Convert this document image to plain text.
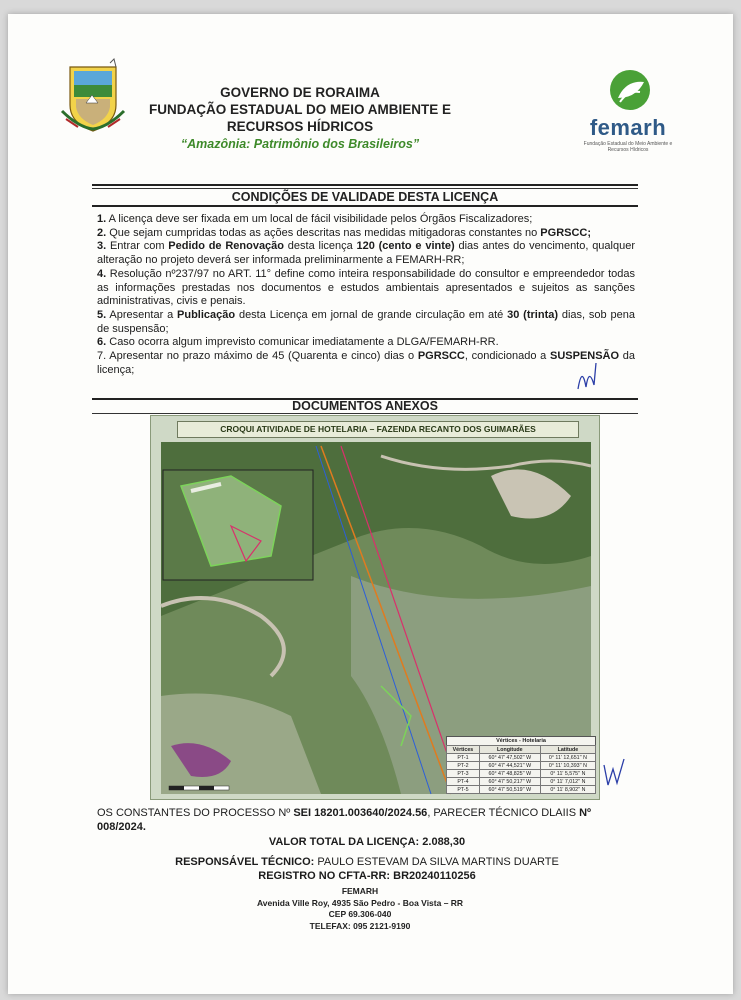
GOVERNO DE RORAIMA
FUNDAÇÃO ESTADUAL DO MEIO AMBIENTE E
RECURSOS HÍDRICOS
“Amazônia: Patrimônio dos Brasileiros”
femarh
Fundação Estadual do Meio Ambiente e Recursos Hídricos
CONDIÇÕES DE VALIDADE DESTA LICENÇA

1. A licença deve ser fixada em um local de fácil visibilidade pelos Órgãos Fiscalizadores;

2. Que sejam cumpridas todas as ações descritas nas medidas mitigadoras constantes no PGRSCC;

3. Entrar com Pedido de Renovação desta licença 120 (cento e vinte) dias antes do vencimento, qualquer alteração no projeto deverá ser informada preliminarmente a FEMARH-RR;

4. Resolução nº237/97 no ART. 11° define como inteira responsabilidade do consultor e empreendedor todas as informações prestadas nos documentos e estudos ambientais apresentados e sujeitos as sanções administrativas, civis e penais.

5. Apresentar a Publicação desta Licença em jornal de grande circulação em até 30 (trinta) dias, sob pena de suspensão;

6. Caso ocorra algum imprevisto comunicar imediatamente a DLGA/FEMARH-RR.

7. Apresentar no prazo máximo de 45 (Quarenta e cinco) dias o PGRSCC, condicionado a SUSPENSÃO da licença;

DOCUMENTOS ANEXOS
CROQUI ATIVIDADE DE HOTELARIA – FAZENDA RECANTO DOS GUIMARÃES
Vértices - Hotelaria
Vértices	Longitude	Latitude
PT-1	60° 47' 47,502'' W	0° 11' 12,651'' N
PT-2	60° 47' 44,521'' W	0° 11' 10,393'' N
PT-3	60° 47' 48,825'' W	0° 11' 5,575'' N
PT-4	60° 47' 50,217'' W	0° 11' 7,012'' N
PT-5	60° 47' 50,519'' W	0° 11' 8,902'' N
OS CONSTANTES DO PROCESSO Nº SEI 18201.003640/2024.56, PARECER TÉCNICO DLAIIS Nº 008/2024.
VALOR TOTAL DA LICENÇA: 2.088,30
RESPONSÁVEL TÉCNICO: PAULO ESTEVAM DA SILVA MARTINS DUARTE
REGISTRO NO CFTA-RR: BR20240110256
FEMARH
Avenida Ville Roy, 4935 São Pedro - Boa Vista – RR
CEP 69.306-040
TELEFAX: 095 2121-9190
